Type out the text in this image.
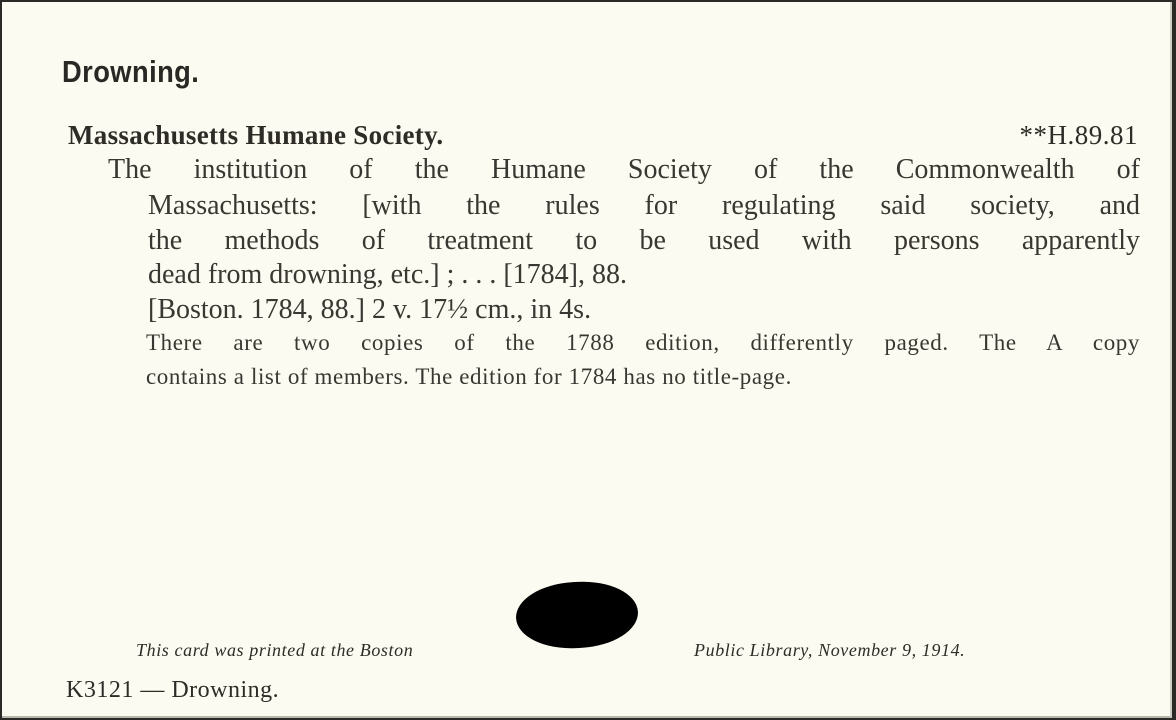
Drowning.
Massachusetts Humane Society.	**H.89.81
The institution of the Humane Society of the Commonwealth of
Massachusetts: [with the rules for regulating said society, and
the methods of treatment to be used with persons apparently
dead from drowning, etc.] ; . . . [1784], 88.
[Boston. 1784, 88.] 2 v. 17½ cm., in 4s.
There are two copies of the 1788 edition, differently paged. The A copy
contains a list of members. The edition for 1784 has no title-page.
This card was printed at the Boston	Public Library, November 9, 1914.
K3121 — Drowning.
